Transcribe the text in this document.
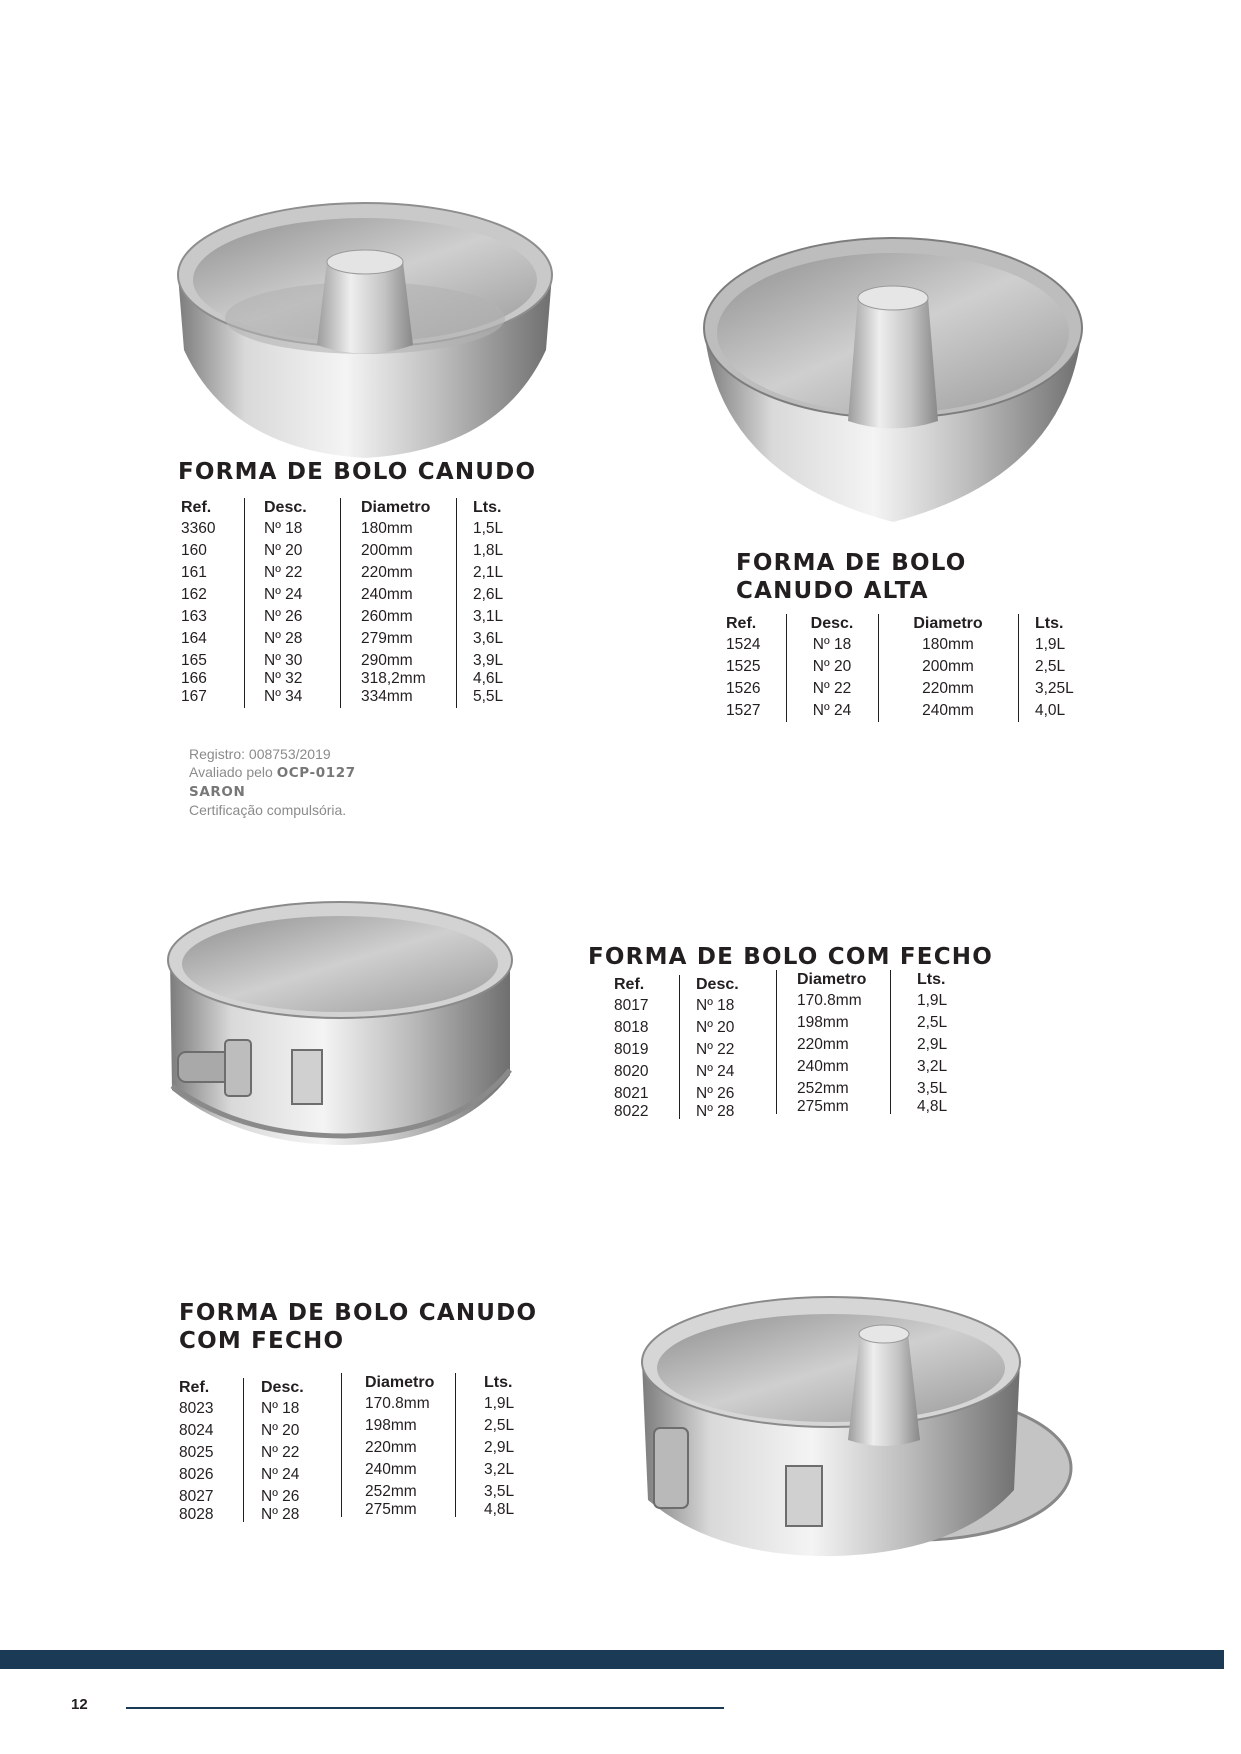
FORMA DE BOLO CANUDO
Ref.
3360
160
161
162
163
164
165
166
167
Desc.
Nº 18
Nº 20
Nº 22
Nº 24
Nº 26
Nº 28
Nº 30
Nº 32
Nº 34
Diametro
180mm
200mm
220mm
240mm
260mm
279mm
290mm
318,2mm
334mm
Lts.
1,5L
1,8L
2,1L
2,6L
3,1L
3,6L
3,9L
4,6L
5,5L
Registro: 008753/2019
Avaliado pelo OCP-0127
SARON
Certificação compulsória.
FORMA DE BOLO
CANUDO ALTA
Ref.
1524
1525
1526
1527
Desc.
Nº 18
Nº 20
Nº 22
Nº 24
Diametro
180mm
200mm
220mm
240mm
Lts.
1,9L
2,5L
3,25L
4,0L
FORMA DE BOLO COM FECHO
Ref.
8017
8018
8019
8020
8021
8022
Desc.
Nº 18
Nº 20
Nº 22
Nº 24
Nº 26
Nº 28
Diametro
170.8mm
198mm
220mm
240mm
252mm
275mm
Lts.
1,9L
2,5L
2,9L
3,2L
3,5L
4,8L
FORMA DE BOLO CANUDO
COM FECHO
Ref.
8023
8024
8025
8026
8027
8028
Desc.
Nº 18
Nº 20
Nº 22
Nº 24
Nº 26
Nº 28
Diametro
170.8mm
198mm
220mm
240mm
252mm
275mm
Lts.
1,9L
2,5L
2,9L
3,2L
3,5L
4,8L
12
